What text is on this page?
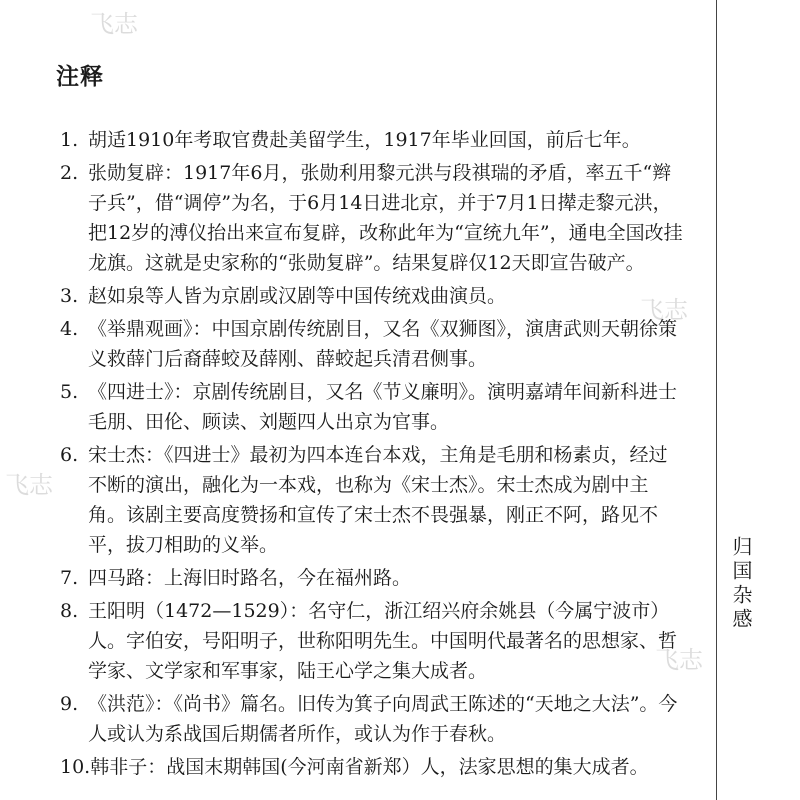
飞志
飞志
飞志
飞志
注释
1. 胡适1910年考取官费赴美留学生，1917年毕业回国，前后七年。
2. 张勋复辟：1917年6月，张勋利用黎元洪与段祺瑞的矛盾，率五千“辫子兵”，借“调停”为名，于6月14日进北京，并于7月1日撵走黎元洪，把12岁的溥仪抬出来宣布复辟，改称此年为“宣统九年”，通电全国改挂龙旗。这就是史家称的“张勋复辟”。结果复辟仅12天即宣告破产。
3. 赵如泉等人皆为京剧或汉剧等中国传统戏曲演员。
4. 《举鼎观画》：中国京剧传统剧目，又名《双狮图》，演唐武则天朝徐策义救薛门后裔薛蛟及薛刚、薛蛟起兵清君侧事。
5. 《四进士》：京剧传统剧目，又名《节义廉明》。演明嘉靖年间新科进士毛朋、田伦、顾读、刘题四人出京为官事。
6. 宋士杰：《四进士》最初为四本连台本戏，主角是毛朋和杨素贞，经过不断的演出，融化为一本戏，也称为《宋士杰》。宋士杰成为剧中主角。该剧主要高度赞扬和宣传了宋士杰不畏强暴，刚正不阿，路见不平，拔刀相助的义举。
7. 四马路：上海旧时路名，今在福州路。
8. 王阳明（1472—1529）：名守仁，浙江绍兴府余姚县（今属宁波市）人。字伯安，号阳明子，世称阳明先生。中国明代最著名的思想家、哲学家、文学家和军事家，陆王心学之集大成者。
9. 《洪范》：《尚书》篇名。旧传为箕子向周武王陈述的“天地之大法”。今人或认为系战国后期儒者所作，或认为作于春秋。
10.韩非子：战国末期韩国(今河南省新郑）人，法家思想的集大成者。
归国杂感
